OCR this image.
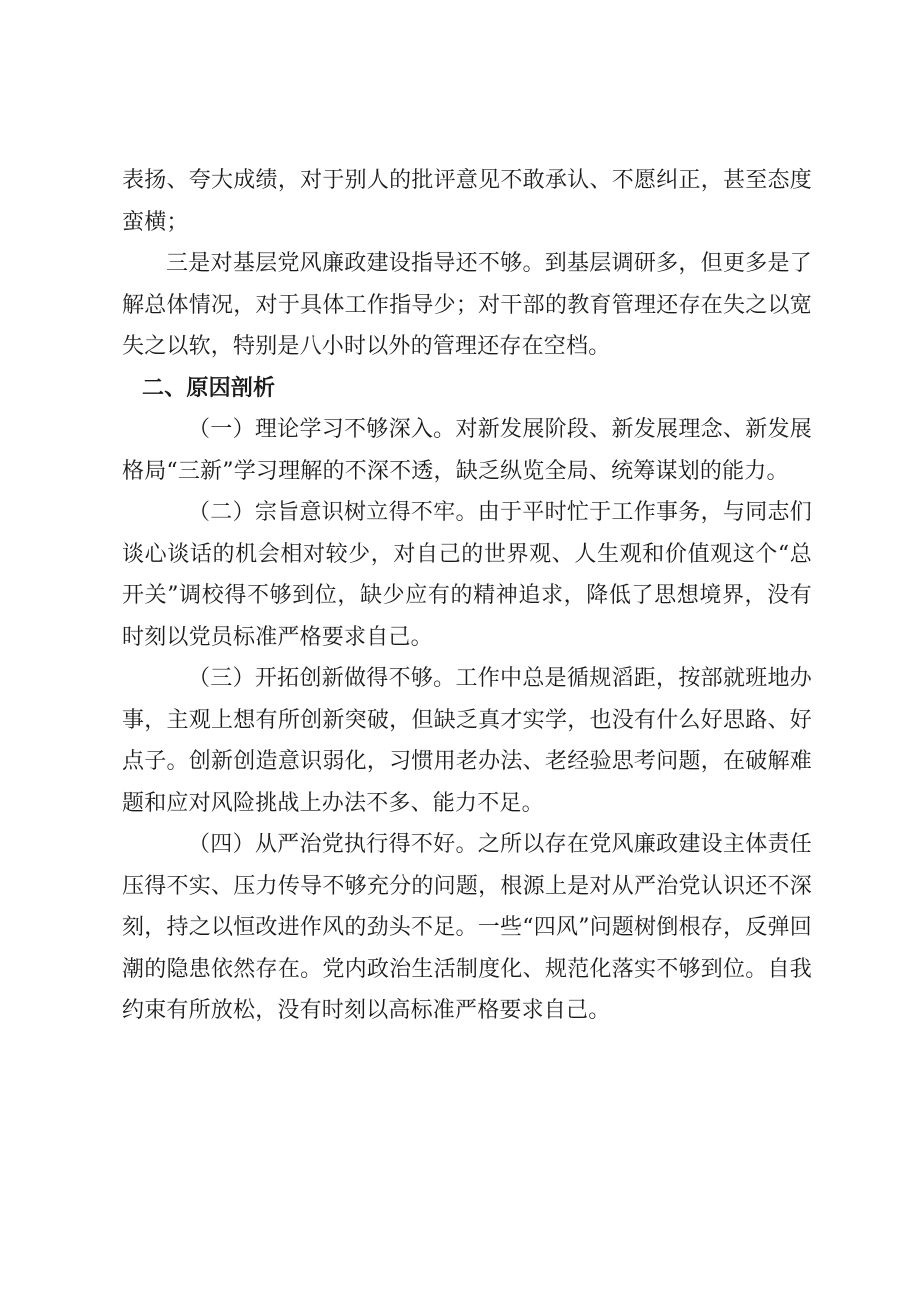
表扬、夸大成绩，对于别人的批评意见不敢承认、不愿纠正，甚至态度蛮横；

三是对基层党风廉政建设指导还不够。到基层调研多，但更多是了解总体情况，对于具体工作指导少；对干部的教育管理还存在失之以宽失之以软，特别是八小时以外的管理还存在空档。

二、原因剖析

（一）理论学习不够深入。对新发展阶段、新发展理念、新发展格局“三新”学习理解的不深不透，缺乏纵览全局、统筹谋划的能力。

（二）宗旨意识树立得不牢。由于平时忙于工作事务，与同志们谈心谈话的机会相对较少，对自己的世界观、人生观和价值观这个“总开关”调校得不够到位，缺少应有的精神追求，降低了思想境界，没有时刻以党员标准严格要求自己。

（三）开拓创新做得不够。工作中总是循规滔距，按部就班地办事，主观上想有所创新突破，但缺乏真才实学，也没有什么好思路、好点子。创新创造意识弱化，习惯用老办法、老经验思考问题，在破解难题和应对风险挑战上办法不多、能力不足。

（四）从严治党执行得不好。之所以存在党风廉政建设主体责任压得不实、压力传导不够充分的问题，根源上是对从严治党认识还不深刻，持之以恒改进作风的劲头不足。一些“四风”问题树倒根存，反弹回潮的隐患依然存在。党内政治生活制度化、规范化落实不够到位。自我约束有所放松，没有时刻以高标准严格要求自己。
